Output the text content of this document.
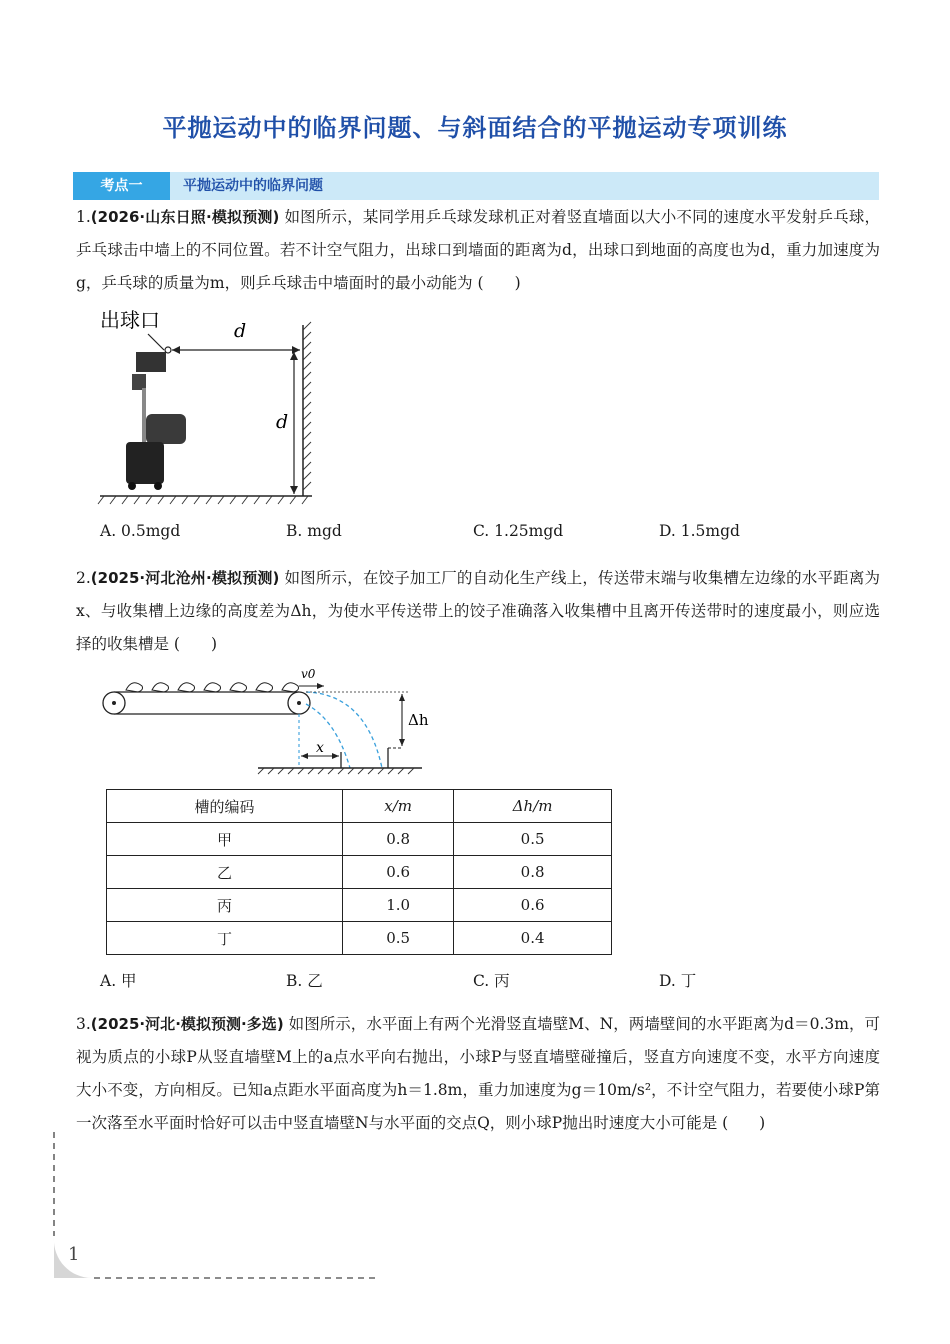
平抛运动中的临界问题、与斜面结合的平抛运动专项训练
考点一	平抛运动中的临界问题
1.(2026·山东日照·模拟预测) 如图所示，某同学用乒乓球发球机正对着竖直墙面以大小不同的速度水平发射乒乓球，乒乓球击中墙上的不同位置。若不计空气阻力，出球口到墙面的距离为d，出球口到地面的高度也为d，重力加速度为g，乒乓球的质量为m，则乒乓球击中墙面时的最小动能为 (　　)
出球口	d
d
A. 0.5mgd	B. mgd	C. 1.25mgd	D. 1.5mgd
2.(2025·河北沧州·模拟预测) 如图所示，在饺子加工厂的自动化生产线上，传送带末端与收集槽左边缘的水平距离为x、与收集槽上边缘的高度差为Δh，为使水平传送带上的饺子准确落入收集槽中且离开传送带时的速度最小，则应选择的收集槽是 (　　)
v0
x
Δh
槽的编码	x/m	Δh/m
甲	0.8	0.5
乙	0.6	0.8
丙	1.0	0.6
丁	0.5	0.4
A. 甲	B. 乙	C. 丙	D. 丁
3.(2025·河北·模拟预测·多选) 如图所示，水平面上有两个光滑竖直墙壁M、N，两墙壁间的水平距离为d＝0.3m，可视为质点的小球P从竖直墙壁M上的a点水平向右抛出，小球P与竖直墙壁碰撞后，竖直方向速度不变，水平方向速度大小不变，方向相反。已知a点距水平面高度为h＝1.8m，重力加速度为g＝10m/s²，不计空气阻力，若要使小球P第一次落至水平面时恰好可以击中竖直墙壁N与水平面的交点Q，则小球P抛出时速度大小可能是 (　　)
1
